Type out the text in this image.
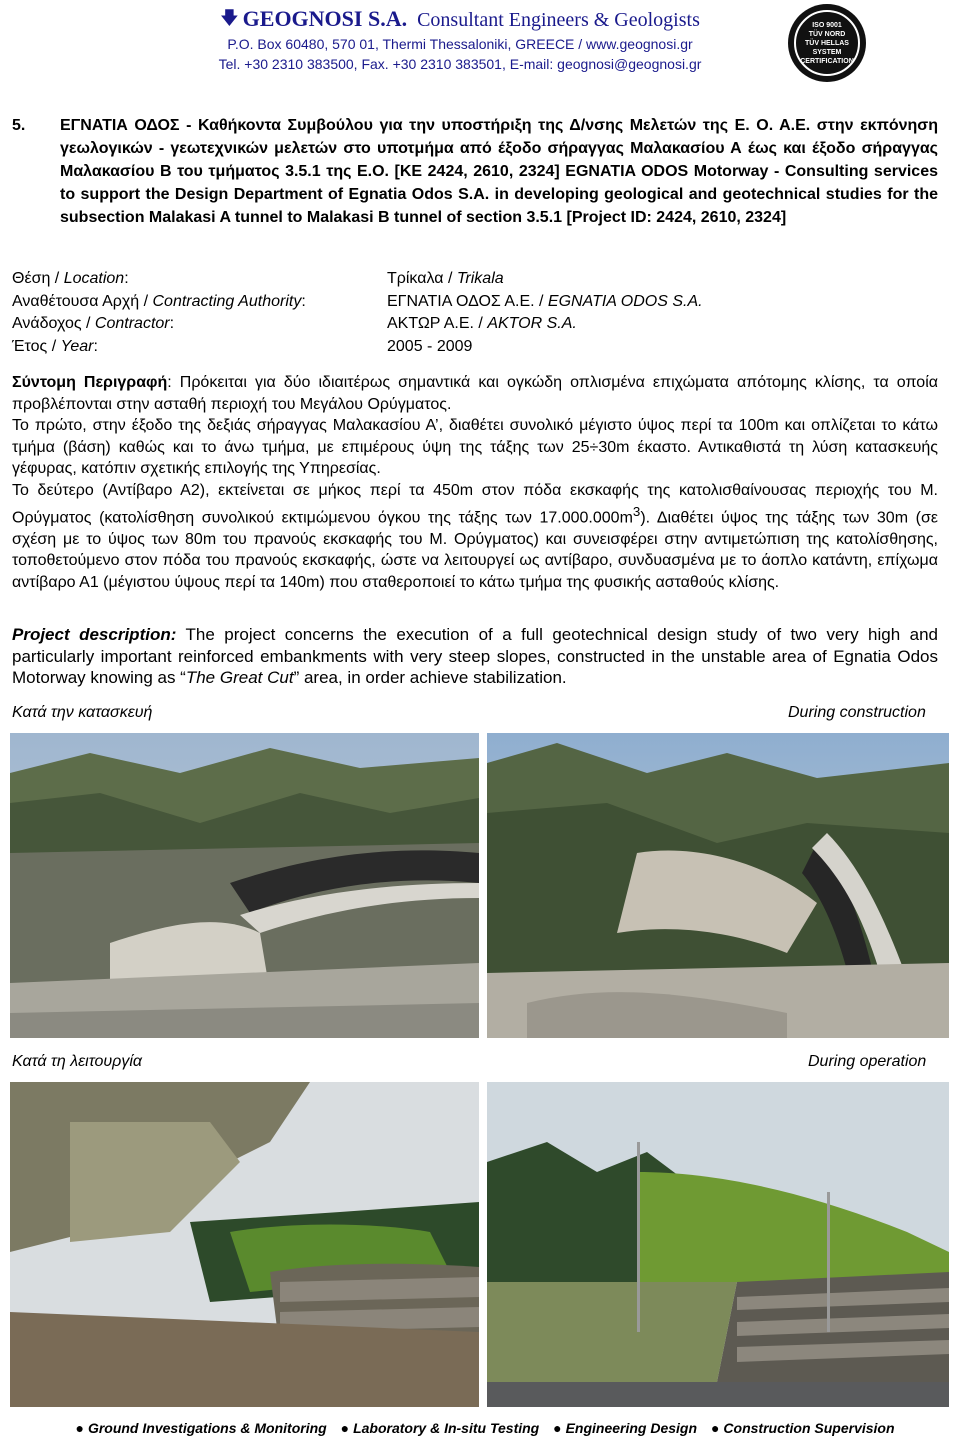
🡇 GEOGNOSI S.A. Consultant Engineers & Geologists
P.O. Box 60480, 570 01, Thermi Thessaloniki, GREECE / www.geognosi.gr
Tel. +30 2310 383500, Fax. +30 2310 383501, E-mail: geognosi@geognosi.gr
ISO 9001
TÜV NORD
TÜV HELLAS
SYSTEM CERTIFICATION
5. ΕΓΝΑΤΙΑ ΟΔΟΣ - Καθήκοντα Συμβούλου για την υποστήριξη της Δ/νσης Μελετών της Ε. Ο. Α.Ε. στην εκπόνηση γεωλογικών - γεωτεχνικών μελετών στο υποτμήμα από έξοδο σήραγγας Μαλακασίου Α έως και έξοδο σήραγγας Μαλακασίου Β του τμήματος 3.5.1 της Ε.Ο. [ΚΕ 2424, 2610, 2324] EGNATIA ODOS Motorway - Consulting services to support the Design Department of Egnatia Odos S.A. in developing geological and geotechnical studies for the subsection Malakasi A tunnel to Malakasi B tunnel of section 3.5.1 [Project ID: 2424, 2610, 2324]
Θέση / Location:	Τρίκαλα / Trikala
Αναθέτουσα Αρχή / Contracting Authority:	ΕΓΝΑΤΙΑ ΟΔΟΣ Α.Ε. / EGNATIA ODOS S.A.
Ανάδοχος / Contractor:	ΑΚΤΩΡ Α.Ε. / AKTOR S.A.
Έτος / Year:	2005 - 2009

Σύντομη Περιγραφή: Πρόκειται για δύο ιδιαιτέρως σημαντικά και ογκώδη οπλισμένα επιχώματα απότομης κλίσης, τα οποία προβλέπονται στην ασταθή περιοχή του Μεγάλου Ορύγματος.

Το πρώτο, στην έξοδο της δεξιάς σήραγγας Μαλακασίου Α’, διαθέτει συνολικό μέγιστο ύψος περί τα 100m και οπλίζεται το κάτω τμήμα (βάση) καθώς και το άνω τμήμα, με επιμέρους ύψη της τάξης των 25÷30m έκαστο. Αντικαθιστά τη λύση κατασκευής γέφυρας, κατόπιν σχετικής επιλογής της Υπηρεσίας.

Το δεύτερο (Αντίβαρο Α2), εκτείνεται σε μήκος περί τα 450m στον πόδα εκσκαφής της κατολισθαίνουσας περιοχής του Μ. Ορύγματος (κατολίσθηση συνολικού εκτιμώμενου όγκου της τάξης των $17.000.000m^3$). Διαθέτει ύψος της τάξης των 30m (σε σχέση με το ύψος των 80m του πρανούς εκσκαφής του Μ. Ορύγματος) και συνεισφέρει στην αντιμετώπιση της κατολίσθησης, τοποθετούμενο στον πόδα του πρανούς εκσκαφής, ώστε να λειτουργεί ως αντίβαρο, συνδυασμένα με το άοπλο κατάντη, επίχωμα αντίβαρο Α1 (μέγιστου ύψους περί τα 140m) που σταθεροποιεί το κάτω τμήμα της φυσικής ασταθούς κλίσης.

Project description: The project concerns the execution of a full geotechnical design study of two very high and particularly important reinforced embankments with very steep slopes, constructed in the unstable area of Egnatia Odos Motorway knowing as “The Great Cut” area, in order achieve stabilization.
Κατά την κατασκευή	During construction
Κατά τη λειτουργία	During operation
● Ground Investigations & Monitoring ● Laboratory & In-situ Testing ● Engineering Design ● Construction Supervision
